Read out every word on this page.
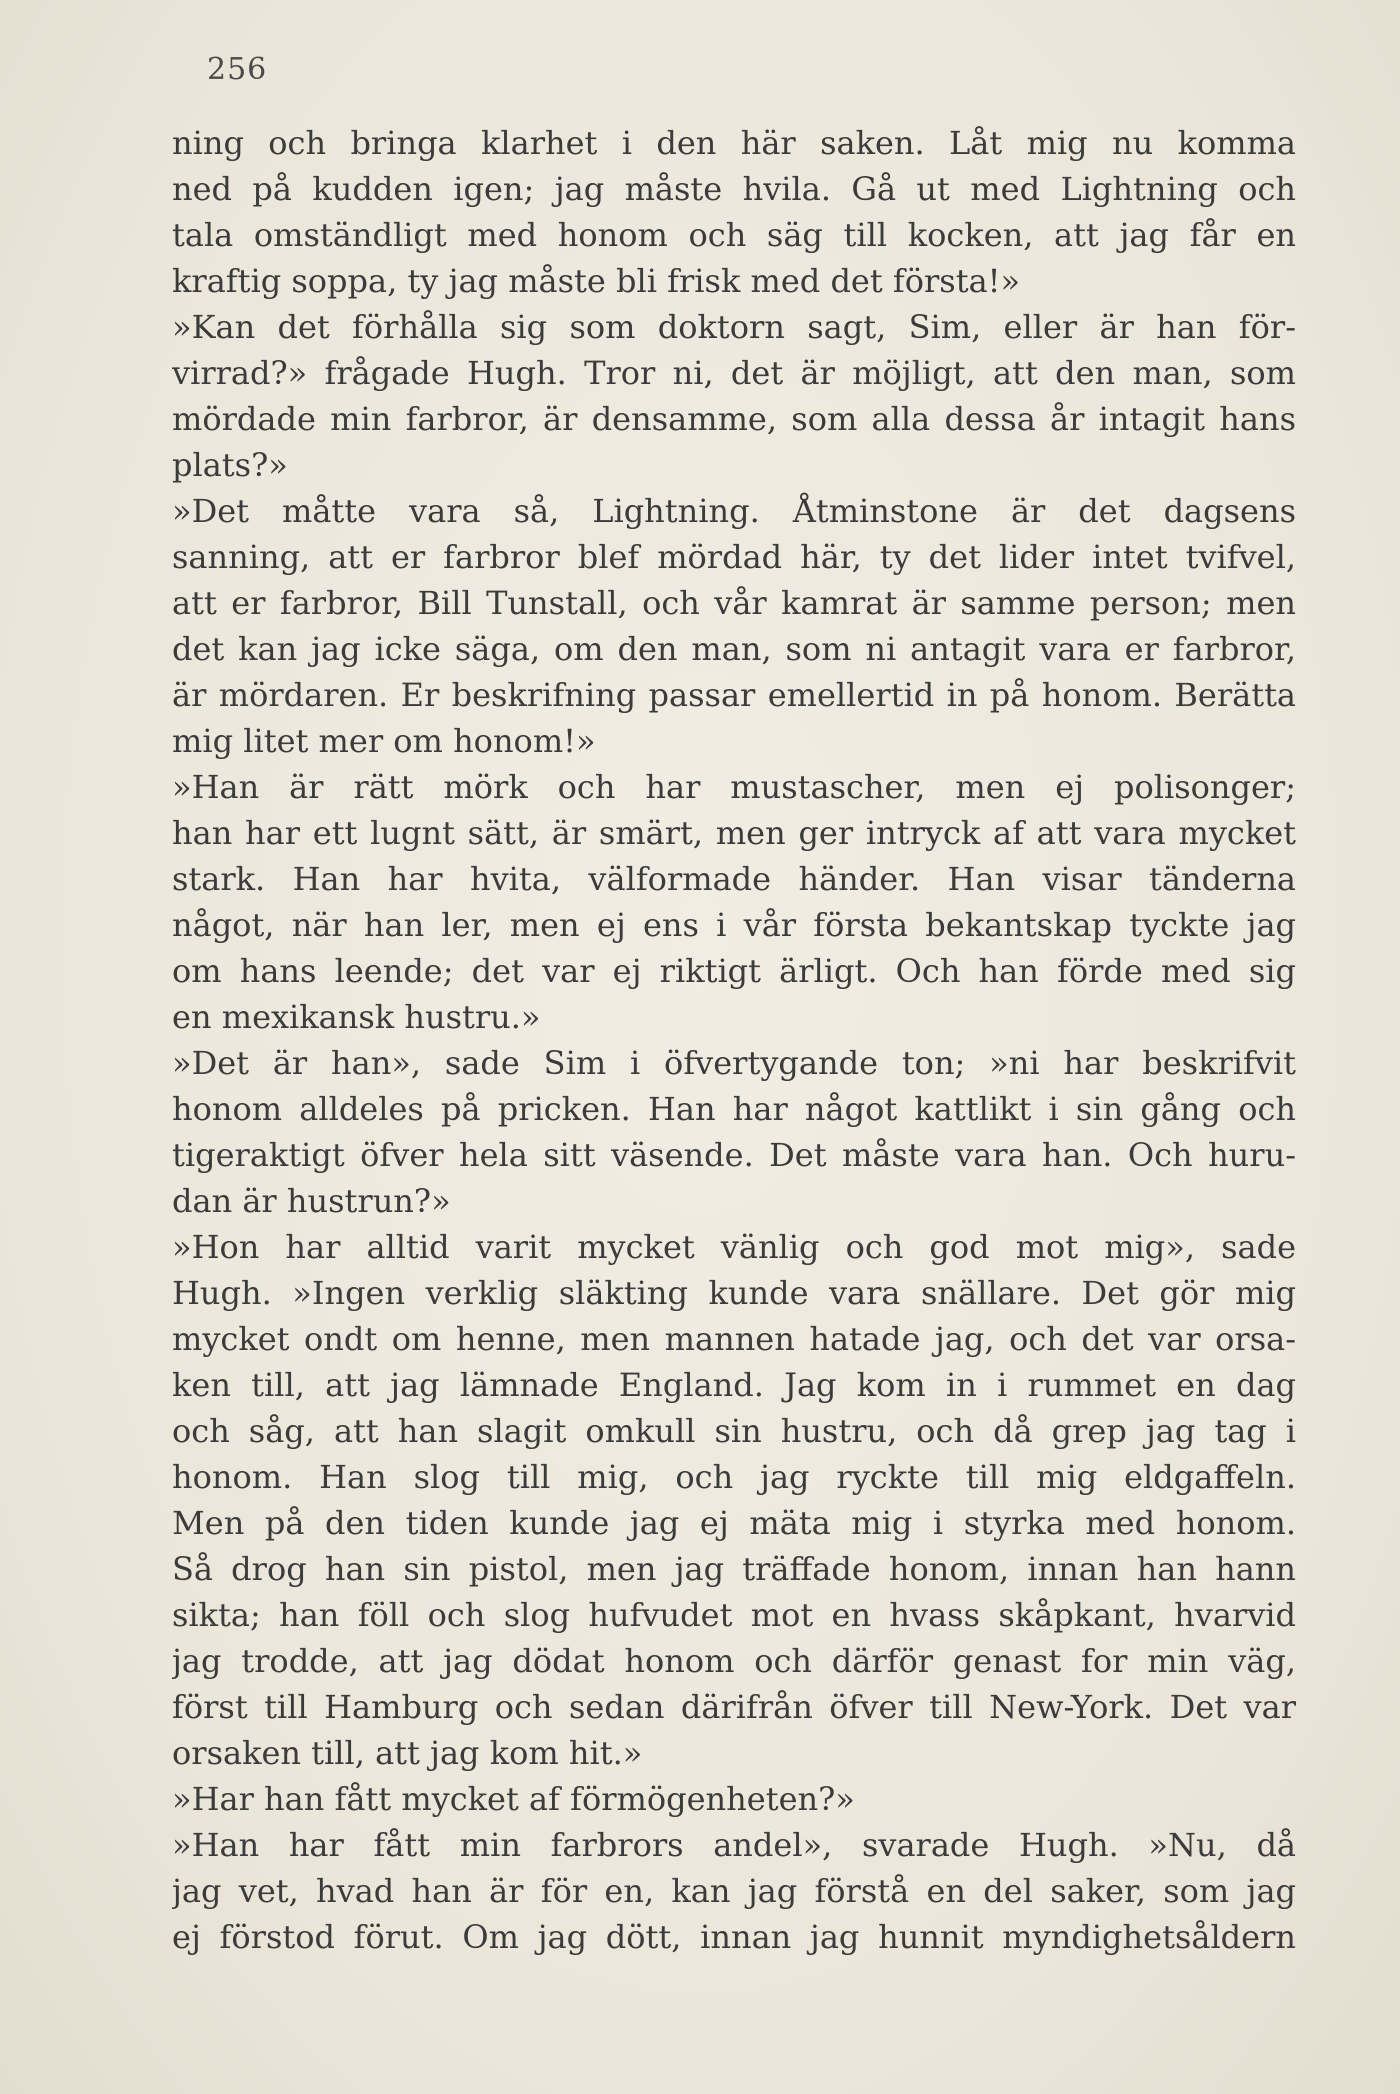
256
ning och bringa klarhet i den här saken. Låt mig nu komma
ned på kudden igen; jag måste hvila. Gå ut med Lightning och
tala omständligt med honom och säg till kocken, att jag får en
kraftig soppa, ty jag måste bli frisk med det första!»
»Kan det förhålla sig som doktorn sagt, Sim, eller är han för-
virrad?» frågade Hugh. Tror ni, det är möjligt, att den man, som
mördade min farbror, är densamme, som alla dessa år intagit hans
plats?»
»Det måtte vara så, Lightning. Åtminstone är det dagsens
sanning, att er farbror blef mördad här, ty det lider intet tvifvel,
att er farbror, Bill Tunstall, och vår kamrat är samme person; men
det kan jag icke säga, om den man, som ni antagit vara er farbror,
är mördaren. Er beskrifning passar emellertid in på honom. Berätta
mig litet mer om honom!»
»Han är rätt mörk och har mustascher, men ej polisonger;
han har ett lugnt sätt, är smärt, men ger intryck af att vara mycket
stark. Han har hvita, välformade händer. Han visar tänderna
något, när han ler, men ej ens i vår första bekantskap tyckte jag
om hans leende; det var ej riktigt ärligt. Och han förde med sig
en mexikansk hustru.»
»Det är han», sade Sim i öfvertygande ton; »ni har beskrifvit
honom alldeles på pricken. Han har något kattlikt i sin gång och
tigeraktigt öfver hela sitt väsende. Det måste vara han. Och huru-
dan är hustrun?»
»Hon har alltid varit mycket vänlig och god mot mig», sade
Hugh. »Ingen verklig släkting kunde vara snällare. Det gör mig
mycket ondt om henne, men mannen hatade jag, och det var orsa-
ken till, att jag lämnade England. Jag kom in i rummet en dag
och såg, att han slagit omkull sin hustru, och då grep jag tag i
honom. Han slog till mig, och jag ryckte till mig eldgaffeln.
Men på den tiden kunde jag ej mäta mig i styrka med honom.
Så drog han sin pistol, men jag träffade honom, innan han hann
sikta; han föll och slog hufvudet mot en hvass skåpkant, hvarvid
jag trodde, att jag dödat honom och därför genast for min väg,
först till Hamburg och sedan därifrån öfver till New-York. Det var
orsaken till, att jag kom hit.»
»Har han fått mycket af förmögenheten?»
»Han har fått min farbrors andel», svarade Hugh. »Nu, då
jag vet, hvad han är för en, kan jag förstå en del saker, som jag
ej förstod förut. Om jag dött, innan jag hunnit myndighetsåldern
